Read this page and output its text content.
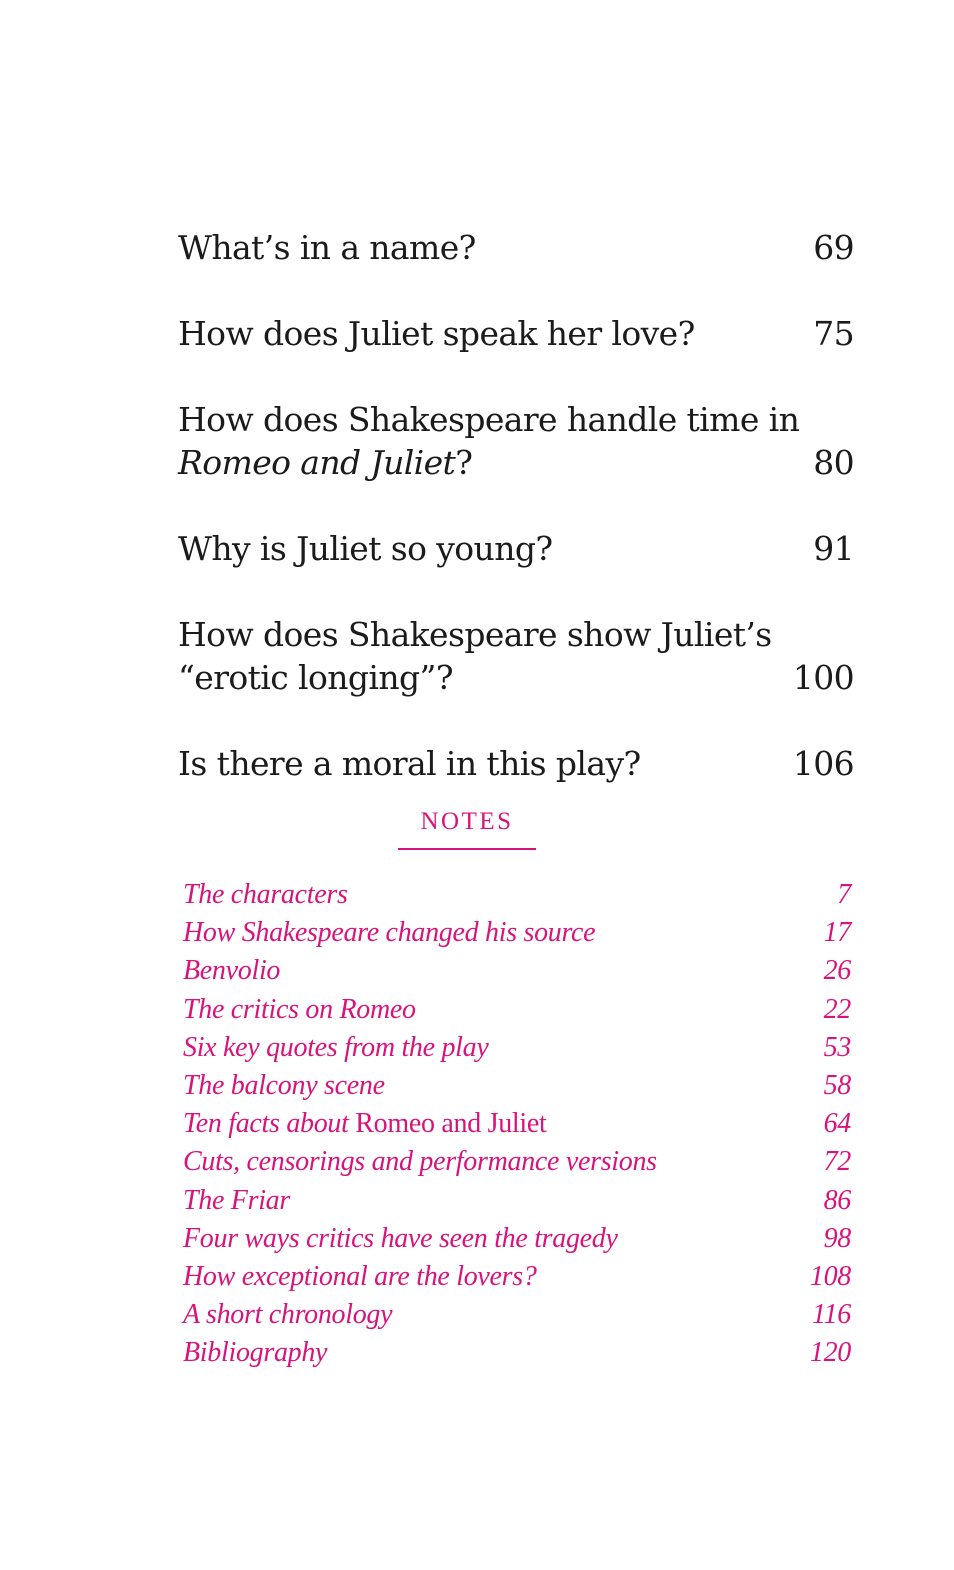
What’s in a name?	69
How does Juliet speak her love?	75
How does Shakespeare handle time in
Romeo and Juliet?	80
Why is Juliet so young?	91
How does Shakespeare show Juliet’s
“erotic longing”?	100
Is there a moral in this play?	106
NOTES
The characters	7
How Shakespeare changed his source	17
Benvolio	26
The critics on Romeo	22
Six key quotes from the play	53
The balcony scene	58
Ten facts about Romeo and Juliet	64
Cuts, censorings and performance versions	72
The Friar	86
Four ways critics have seen the tragedy	98
How exceptional are the lovers?	108
A short chronology	116
Bibliography	120
